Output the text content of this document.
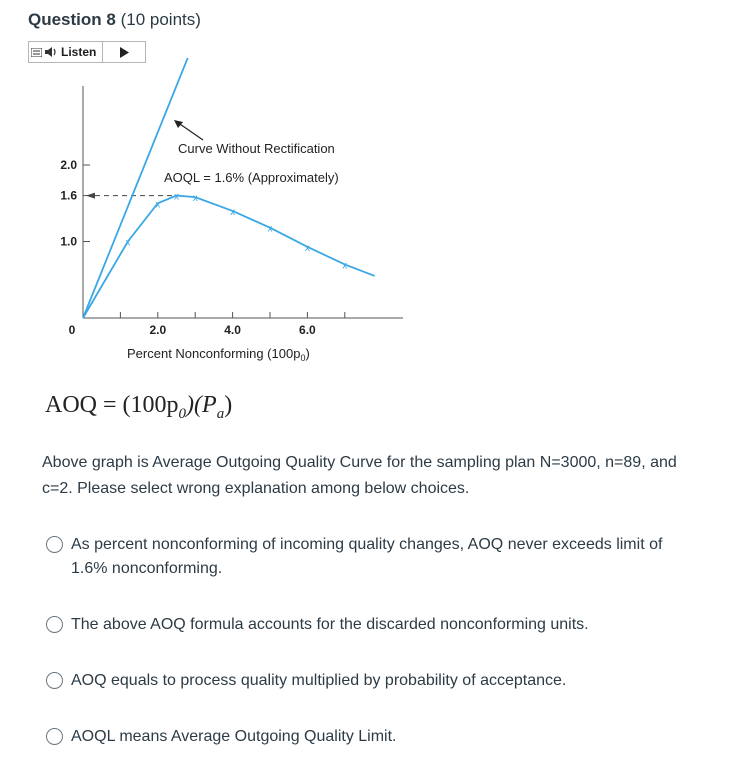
Question 8 (10 points)
Listen
2.0	4.0	6.0
1.0
1.6
2.0
x
x
x x
x
x
x
x
Curve Without Rectification
AOQL = 1.6% (Approximately)
0
Percent Nonconforming $(100p_0)$
AOQ = $(100p_0)(P_a)$
Above graph is Average Outgoing Quality Curve for the sampling plan N=3000, n=89, and c=2. Please select wrong explanation among below choices.
As percent nonconforming of incoming quality changes, AOQ never exceeds limit of 1.6% nonconforming.
The above AOQ formula accounts for the discarded nonconforming units.
AOQ equals to process quality multiplied by probability of acceptance.
AOQL means Average Outgoing Quality Limit.
